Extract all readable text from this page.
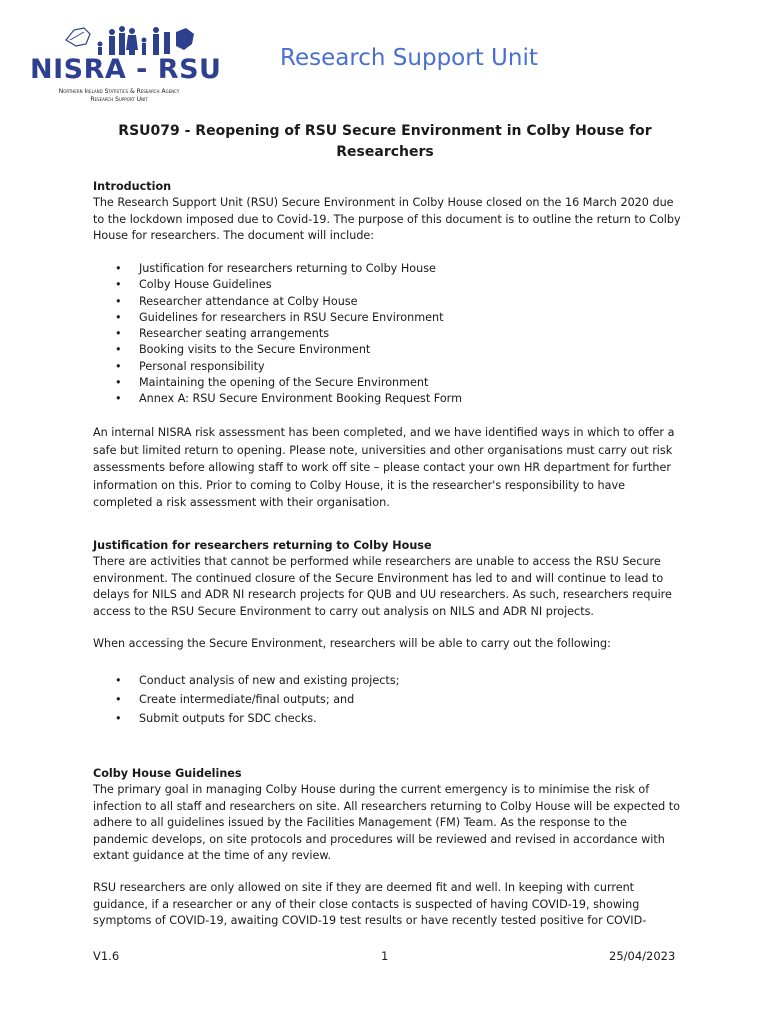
NISRA - RSU
Northern Ireland Statistics & Research Agency
Research Support Unit
Research Support Unit
RSU079 - Reopening of RSU Secure Environment in Colby House for Researchers
Introduction
The Research Support Unit (RSU) Secure Environment in Colby House closed on the 16 March 2020 due to the lockdown imposed due to Covid-19. The purpose of this document is to outline the return to Colby House for researchers. The document will include:
• Justification for researchers returning to Colby House
• Colby House Guidelines
• Researcher attendance at Colby House
• Guidelines for researchers in RSU Secure Environment
• Researcher seating arrangements
• Booking visits to the Secure Environment
• Personal responsibility
• Maintaining the opening of the Secure Environment
• Annex A: RSU Secure Environment Booking Request Form
An internal NISRA risk assessment has been completed, and we have identified ways in which to offer a safe but limited return to opening. Please note, universities and other organisations must carry out risk assessments before allowing staff to work off site – please contact your own HR department for further information on this. Prior to coming to Colby House, it is the researcher's responsibility to have completed a risk assessment with their organisation.
Justification for researchers returning to Colby House
There are activities that cannot be performed while researchers are unable to access the RSU Secure environment. The continued closure of the Secure Environment has led to and will continue to lead to delays for NILS and ADR NI research projects for QUB and UU researchers. As such, researchers require access to the RSU Secure Environment to carry out analysis on NILS and ADR NI projects.
When accessing the Secure Environment, researchers will be able to carry out the following:
• Conduct analysis of new and existing projects;
• Create intermediate/final outputs; and
• Submit outputs for SDC checks.
Colby House Guidelines
The primary goal in managing Colby House during the current emergency is to minimise the risk of infection to all staff and researchers on site. All researchers returning to Colby House will be expected to adhere to all guidelines issued by the Facilities Management (FM) Team. As the response to the pandemic develops, on site protocols and procedures will be reviewed and revised in accordance with extant guidance at the time of any review.
RSU researchers are only allowed on site if they are deemed fit and well. In keeping with current guidance, if a researcher or any of their close contacts is suspected of having COVID-19, showing symptoms of COVID-19, awaiting COVID-19 test results or have recently tested positive for COVID-
V1.6	1	25/04/2023
